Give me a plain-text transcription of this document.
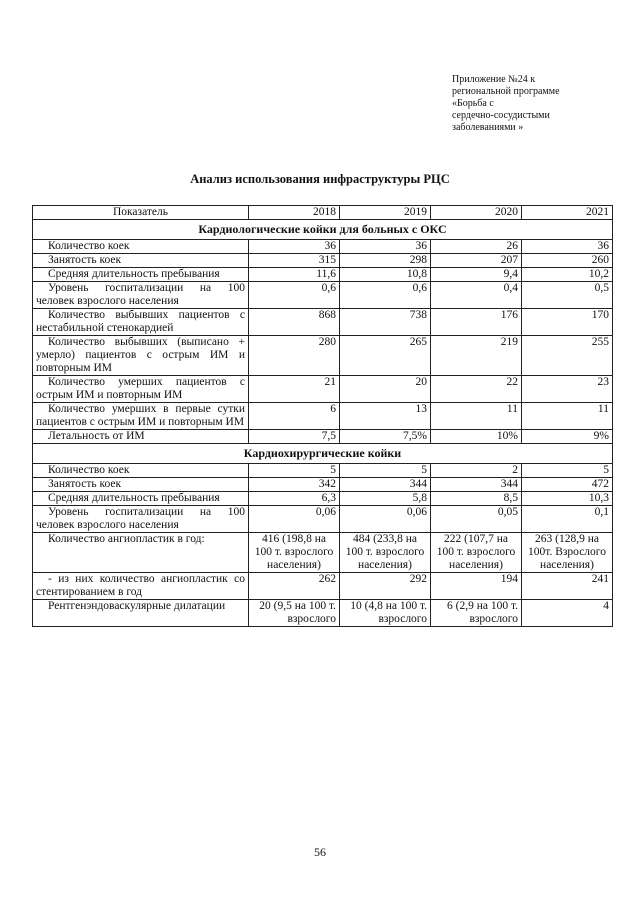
Приложение №24 к
региональной программе
«Борьба с
сердечно-сосудистыми
заболеваниями »
Анализ использования инфраструктуры РЦС
Показатель	2018	2019	2020	2021
Кардиологические койки для больных с ОКС				
Количество коек	36	36	26	36
Занятость коек	315	298	207	260
Средняя длительность пребывания	11,6	10,8	9,4	10,2
Уровень госпитализации на 100 человек взрослого населения	0,6	0,6	0,4	0,5
Количество выбывших пациентов с нестабильной стенокардией	868	738	176	170
Количество выбывших (выписано + умерло) пациентов с острым ИМ и повторным ИМ	280	265	219	255
Количество умерших пациентов с острым ИМ и повторным ИМ	21	20	22	23
Количество умерших в первые сутки пациентов с острым ИМ и повторным ИМ	6	13	11	11
Летальность от ИМ	7,5	7,5%	10%	9%
Кардиохирургические койки				
Количество коек	5	5	2	5
Занятость коек	342	344	344	472
Средняя длительность пребывания	6,3	5,8	8,5	10,3
Уровень госпитализации на 100 человек взрослого населения	0,06	0,06	0,05	0,1
Количество ангиопластик в год:	416 (198,8 на 100 т. взрослого населения)	484 (233,8 на 100 т. взрослого населения)	222 (107,7 на 100 т. взрослого населения)	263 (128,9 на 100т. Взрослого населения)
- из них количество ангиопластик со стентированием в год	262	292	194	241
Рентгенэндоваскулярные дилатации	20 (9,5 на 100 т. взрослого	10 (4,8 на 100 т. взрослого	6 (2,9 на 100 т. взрослого	4
56
